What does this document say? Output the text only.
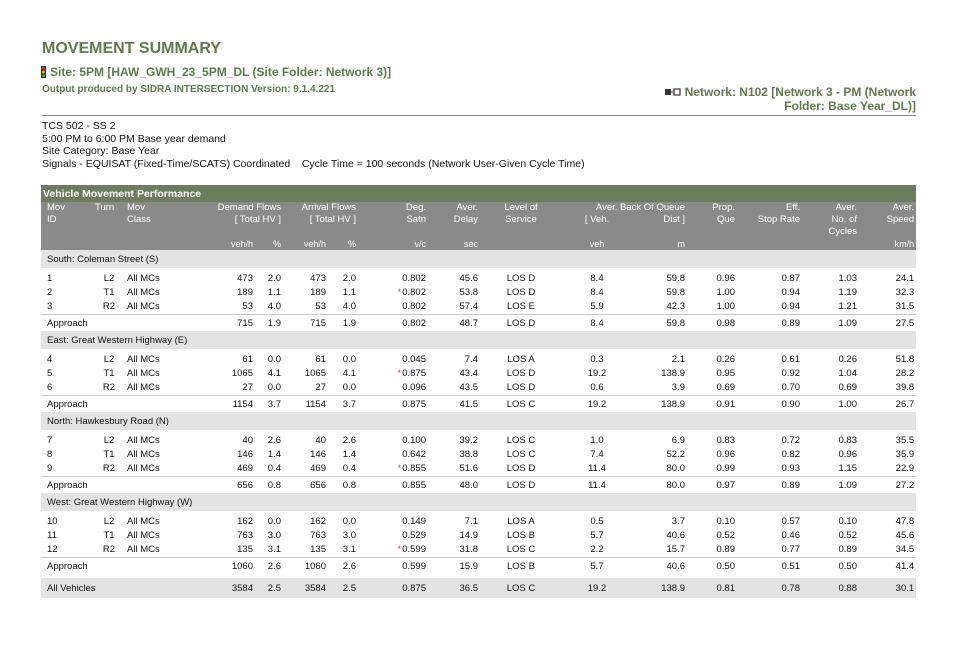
MOVEMENT SUMMARY
Site: 5PM [HAW_GWH_23_5PM_DL (Site Folder: Network 3)]
Output produced by SIDRA INTERSECTION Version: 9.1.4.221	Network: N102 [Network 3 - PM (Network
Folder: Base Year_DL)]
TCS 502 - SS 2
5:00 PM to 6:00 PM Base year demand
Site Category: Base Year
Signals - EQUISAT (Fixed-Time/SCATS) Coordinated    Cycle Time = 100 seconds (Network User-Given Cycle Time)
Vehicle Movement Performance															
Mov	Turn	Mov	Demand Flows		Arrival Flows		Deg.	Aver.	Level of	Aver. Back Of Queue		Prop.	Eff.	Aver.	Aver.
ID		Class	[ Total HV ]		[ Total HV ]		Satn	Delay	Service	[ Veh.	Dist ]	Que	Stop Rate	No. of	Speed
														Cycles	
			veh/h	%	veh/h	%	v/c	sec		veh	m				km/h
South: Coleman Street (S)															

1	L2	All MCs	473	2.0	473	2.0	0.802	45.6	LOS D	8.4	59.8	0.96	0.87	1.03	24.1
2	T1	All MCs	189	1.1	189	1.1	*0.802	53.8	LOS D	8.4	59.8	1.00	0.94	1.19	32.3
3	R2	All MCs	53	4.0	53	4.0	0.802	57.4	LOS E	5.9	42.3	1.00	0.94	1.21	31.5
Approach			715	1.9	715	1.9	0.802	48.7	LOS D	8.4	59.8	0.98	0.89	1.09	27.5
East: Great Western Highway (E)															

4	L2	All MCs	61	0.0	61	0.0	0.045	7.4	LOS A	0.3	2.1	0.26	0.61	0.26	51.8
5	T1	All MCs	1065	4.1	1065	4.1	*0.875	43.4	LOS D	19.2	138.9	0.95	0.92	1.04	28.2
6	R2	All MCs	27	0.0	27	0.0	0.096	43.5	LOS D	0.6	3.9	0.69	0.70	0.69	39.8
Approach			1154	3.7	1154	3.7	0.875	41.5	LOS C	19.2	138.9	0.91	0.90	1.00	26.7
North: Hawkesbury Road (N)															

7	L2	All MCs	40	2.6	40	2.6	0.100	39.2	LOS C	1.0	6.9	0.83	0.72	0.83	35.5
8	T1	All MCs	146	1.4	146	1.4	0.642	38.8	LOS C	7.4	52.2	0.96	0.82	0.96	35.9
9	R2	All MCs	469	0.4	469	0.4	*0.855	51.6	LOS D	11.4	80.0	0.99	0.93	1.15	22.9
Approach			656	0.8	656	0.8	0.855	48.0	LOS D	11.4	80.0	0.97	0.89	1.09	27.2
West: Great Western Highway (W)															

10	L2	All MCs	162	0.0	162	0.0	0.149	7.1	LOS A	0.5	3.7	0.10	0.57	0.10	47.8
11	T1	All MCs	763	3.0	763	3.0	0.529	14.9	LOS B	5.7	40.6	0.52	0.46	0.52	45.6
12	R2	All MCs	135	3.1	135	3.1	*0.599	31.8	LOS C	2.2	15.7	0.89	0.77	0.89	34.5
Approach			1060	2.6	1060	2.6	0.599	15.9	LOS B	5.7	40.6	0.50	0.51	0.50	41.4

All Vehicles			3584	2.5	3584	2.5	0.875	36.5	LOS C	19.2	138.9	0.81	0.78	0.88	30.1
